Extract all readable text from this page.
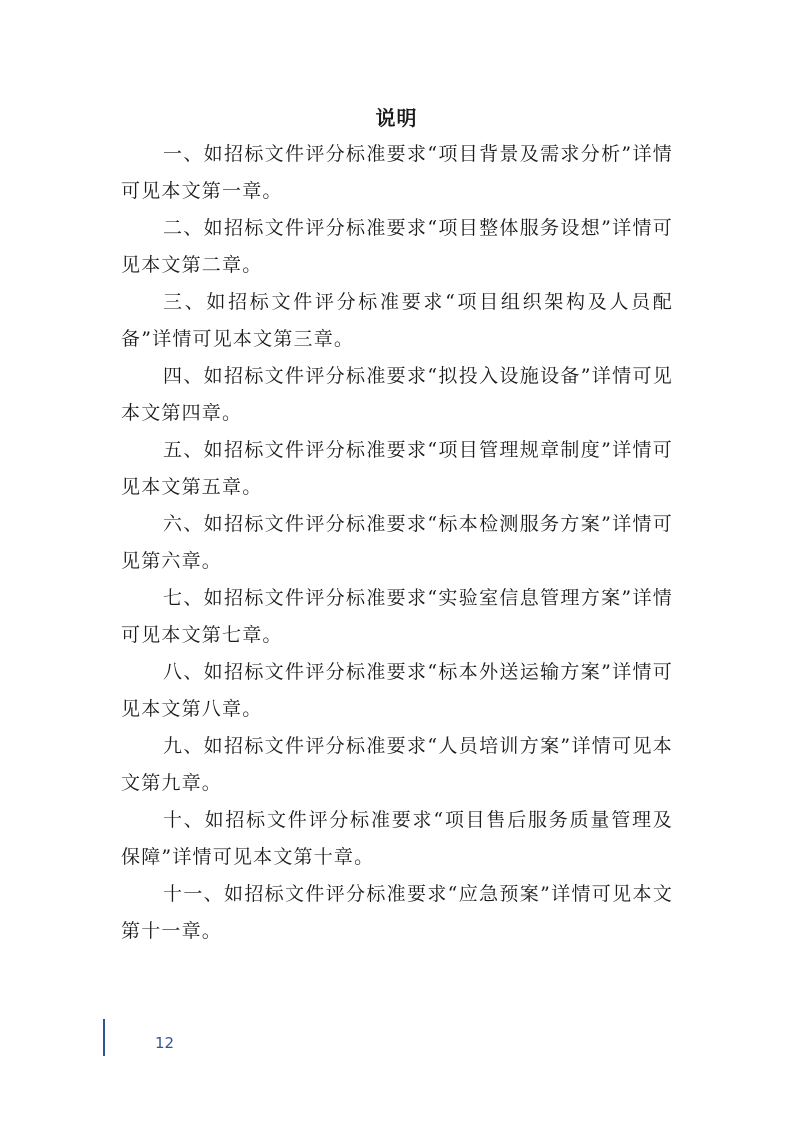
说明

一、如招标文件评分标准要求“项目背景及需求分析”详情可见本文第一章。

二、如招标文件评分标准要求“项目整体服务设想”详情可见本文第二章。

三、如招标文件评分标准要求“项目组织架构及人员配备”详情可见本文第三章。

四、如招标文件评分标准要求“拟投入设施设备”详情可见本文第四章。

五、如招标文件评分标准要求“项目管理规章制度”详情可见本文第五章。

六、如招标文件评分标准要求“标本检测服务方案”详情可见第六章。

七、如招标文件评分标准要求“实验室信息管理方案”详情可见本文第七章。

八、如招标文件评分标准要求“标本外送运输方案”详情可见本文第八章。

九、如招标文件评分标准要求“人员培训方案”详情可见本文第九章。

十、如招标文件评分标准要求“项目售后服务质量管理及保障”详情可见本文第十章。

十一、如招标文件评分标准要求“应急预案”详情可见本文第十一章。

12
